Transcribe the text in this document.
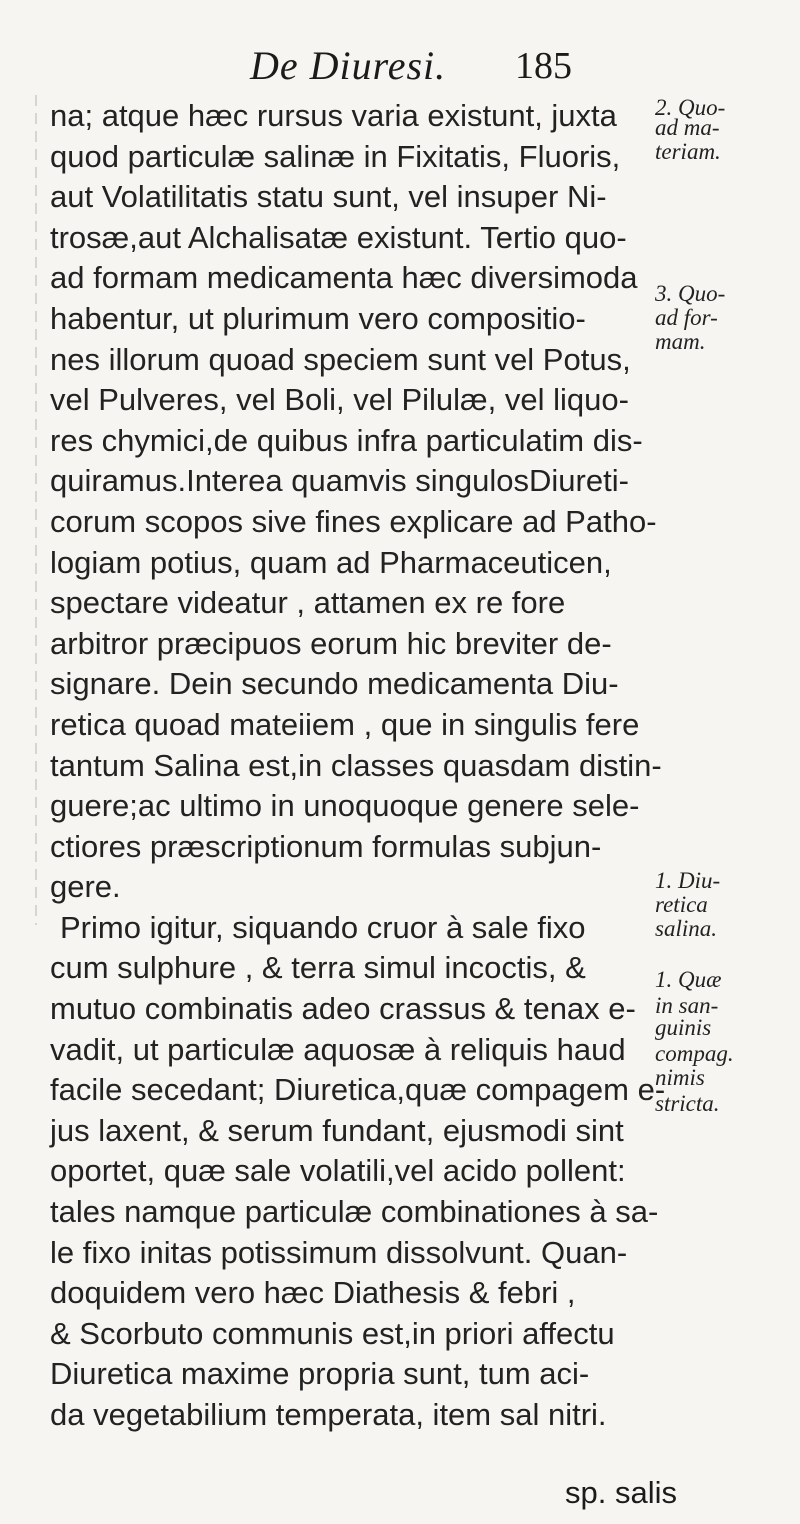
De Diuresi. 185
na; atque hæc rursus varia existunt, juxta
quod particulæ salinæ in Fixitatis, Fluoris,
aut Volatilitatis statu sunt, vel insuper Ni-
trosæ,aut Alchalisatæ existunt. Tertio quo-
ad formam medicamenta hæc diversimoda
habentur, ut plurimum vero compositio-
nes illorum quoad speciem sunt vel Potus,
vel Pulveres, vel Boli, vel Pilulæ, vel liquo-
res chymici,de quibus infra particulatim dis-
quiramus.Interea quamvis singulosDiureti-
corum scopos sive fines explicare ad Patho-
logiam potius, quam ad Pharmaceuticen,
spectare videatur , attamen ex re fore
arbitror præcipuos eorum hic breviter de-
signare. Dein secundo medicamenta Diu-
retica quoad mateiiem , que in singulis fere
tantum Salina est,in classes quasdam distin-
guere;ac ultimo in unoquoque genere sele-
ctiores præscriptionum formulas subjun-
gere.
Primo igitur, siquando cruor à sale fixo
cum sulphure , & terra simul incoctis, &
mutuo combinatis adeo crassus & tenax e-
vadit, ut particulæ aquosæ à reliquis haud
facile secedant; Diuretica,quæ compagem e-
jus laxent, & serum fundant, ejusmodi sint
oportet, quæ sale volatili,vel acido pollent:
tales namque particulæ combinationes à sa-
le fixo initas potissimum dissolvunt. Quan-
doquidem vero hæc Diathesis & febri ,
& Scorbuto communis est,in priori affectu
Diuretica maxime propria sunt, tum aci-
da vegetabilium temperata, item sal nitri.
2. Quo-
ad ma-
teriam.
3. Quo-
ad for-
mam.
1. Diu-
retica
salina.
1. Quæ
in san-
guinis
compag.
nimis
stricta.
sp. salis
